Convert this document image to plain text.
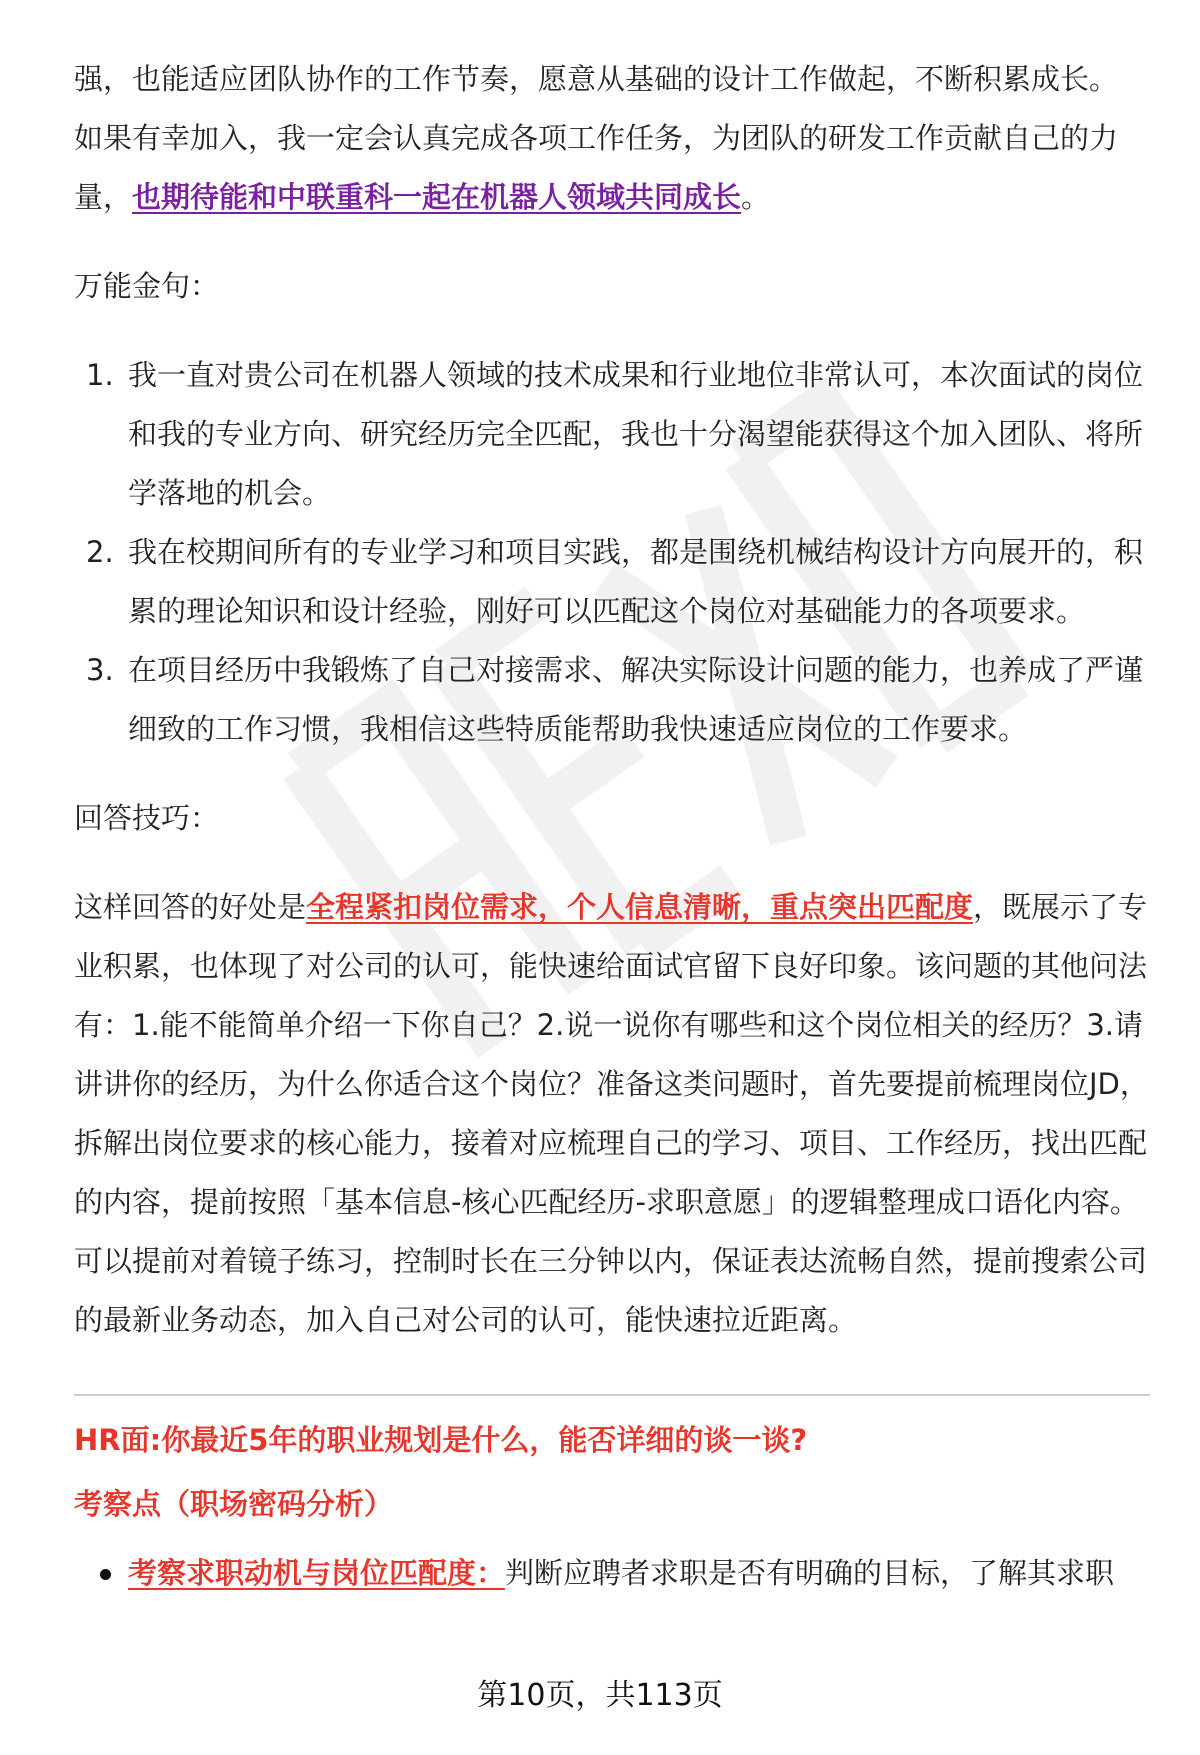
强，也能适应团队协作的工作节奏，愿意从基础的设计工作做起，不断积累成长。

如果有幸加入，我一定会认真完成各项工作任务，为团队的研发工作贡献自己的力

量，也期待能和中联重科一起在机器人领域共同成长。

万能金句：

1. 我一直对贵公司在机器人领域的技术成果和行业地位非常认可，本次面试的岗位和我的专业方向、研究经历完全匹配，我也十分渴望能获得这个加入团队、将所学落地的机会。
2. 我在校期间所有的专业学习和项目实践，都是围绕机械结构设计方向展开的，积累的理论知识和设计经验，刚好可以匹配这个岗位对基础能力的各项要求。
3. 在项目经历中我锻炼了自己对接需求、解决实际设计问题的能力，也养成了严谨细致的工作习惯，我相信这些特质能帮助我快速适应岗位的工作要求。

回答技巧：

这样回答的好处是全程紧扣岗位需求，个人信息清晰，重点突出匹配度，既展示了专业积累，也体现了对公司的认可，能快速给面试官留下良好印象。该问题的其他问法有：1.能不能简单介绍一下你自己？2.说一说你有哪些和这个岗位相关的经历？3.请讲讲你的经历，为什么你适合这个岗位？准备这类问题时，首先要提前梳理岗位JD，拆解出岗位要求的核心能力，接着对应梳理自己的学习、项目、工作经历，找出匹配的内容，提前按照「基本信息-核心匹配经历-求职意愿」的逻辑整理成口语化内容。可以提前对着镜子练习，控制时长在三分钟以内，保证表达流畅自然，提前搜索公司的最新业务动态，加入自己对公司的认可，能快速拉近距离。

HR面:你最近5年的职业规划是什么，能否详细的谈一谈?

考察点（职场密码分析）

考察求职动机与岗位匹配度：判断应聘者求职是否有明确的目标，了解其求职
第10页，共113页
